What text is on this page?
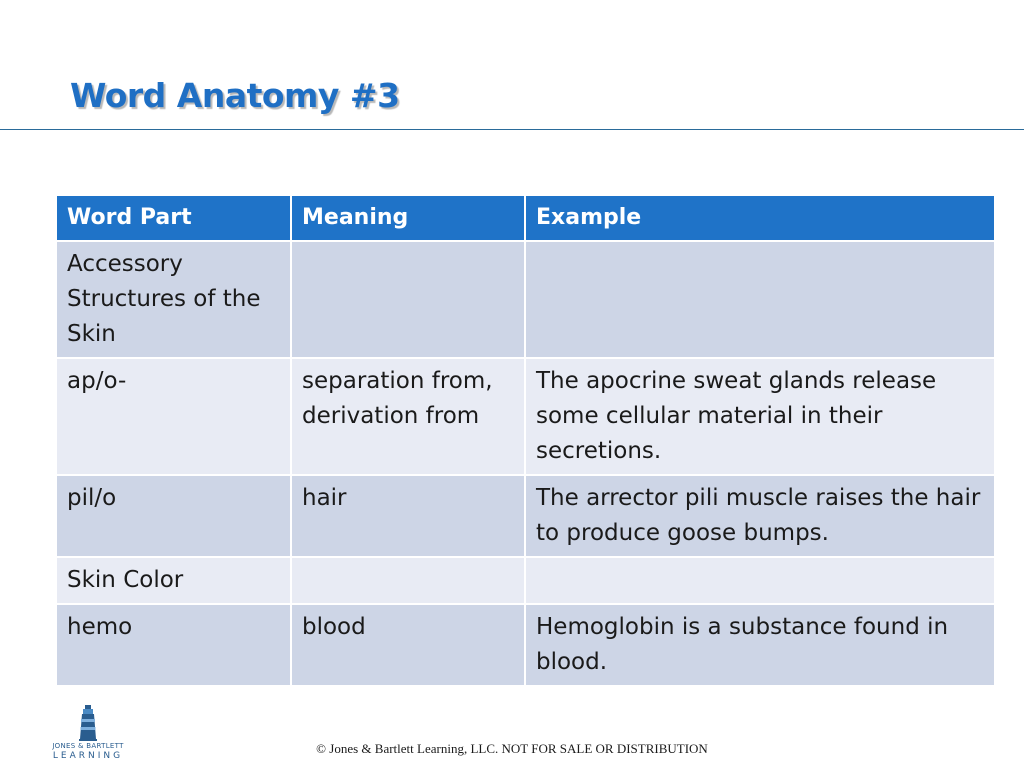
Word Anatomy #3
Word Part	Meaning	Example
Accessory Structures of the Skin		
ap/o-	separation from, derivation from	The apocrine sweat glands release some cellular material in their secretions.
pil/o	hair	The arrector pili muscle raises the hair to produce goose bumps.
Skin Color		
hemo	blood	Hemoglobin is a substance found in blood.
JONES & BARTLETT
LEARNING	© Jones & Bartlett Learning, LLC. NOT FOR SALE OR DISTRIBUTION
